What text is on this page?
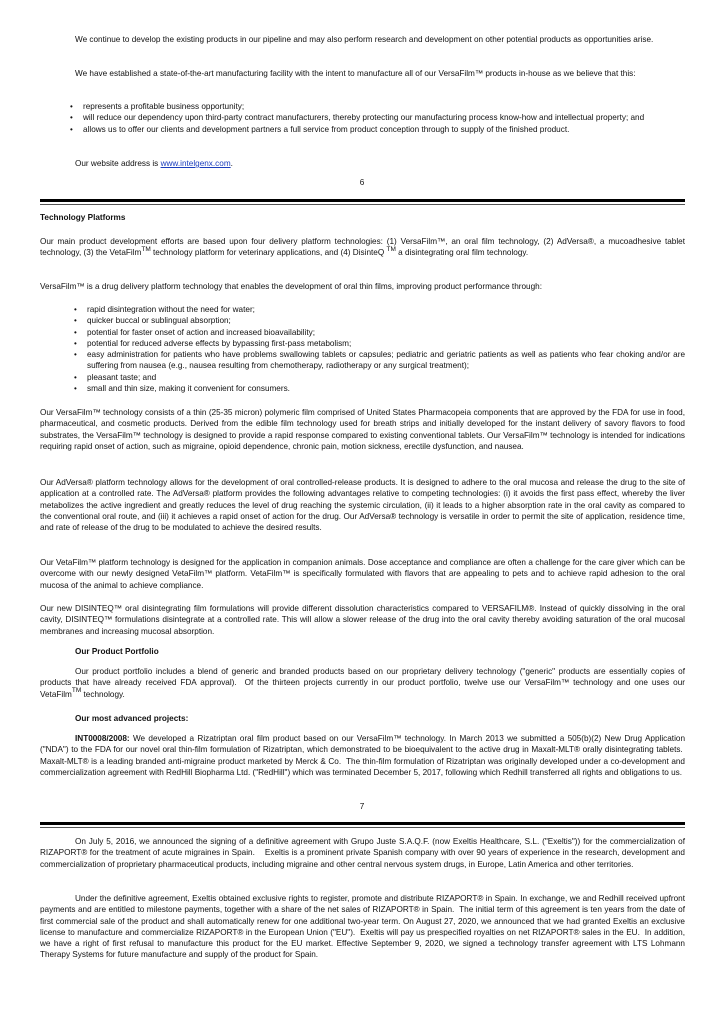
We continue to develop the existing products in our pipeline and may also perform research and development on other potential products as opportunities arise.

We have established a state-of-the-art manufacturing facility with the intent to manufacture all of our VersaFilm™ products in-house as we believe that this:

• represents a profitable business opportunity;
• will reduce our dependency upon third-party contract manufacturers, thereby protecting our manufacturing process know-how and intellectual property; and
• allows us to offer our clients and development partners a full service from product conception through to supply of the finished product.

Our website address is www.intelgenx.com.

6

Technology Platforms

Our main product development efforts are based upon four delivery platform technologies: (1) VersaFilm™, an oral film technology, (2) AdVersa®, a mucoadhesive tablet technology, (3) the VetaFilm™ technology platform for veterinary applications, and (4) DisinteQ ™ a disintegrating oral film technology.

VersaFilm™ is a drug delivery platform technology that enables the development of oral thin films, improving product performance through:

• rapid disintegration without the need for water;
• quicker buccal or sublingual absorption;
• potential for faster onset of action and increased bioavailability;
• potential for reduced adverse effects by bypassing first-pass metabolism;
• easy administration for patients who have problems swallowing tablets or capsules; pediatric and geriatric patients as well as patients who fear choking and/or are suffering from nausea (e.g., nausea resulting from chemotherapy, radiotherapy or any surgical treatment);
• pleasant taste; and
• small and thin size, making it convenient for consumers.

Our VersaFilm™ technology consists of a thin (25-35 micron) polymeric film comprised of United States Pharmacopeia components that are approved by the FDA for use in food, pharmaceutical, and cosmetic products. Derived from the edible film technology used for breath strips and initially developed for the instant delivery of savory flavors to food substrates, the VersaFilm™ technology is designed to provide a rapid response compared to existing conventional tablets. Our VersaFilm™ technology is intended for indications requiring rapid onset of action, such as migraine, opioid dependence, chronic pain, motion sickness, erectile dysfunction, and nausea.

Our AdVersa® platform technology allows for the development of oral controlled-release products. It is designed to adhere to the oral mucosa and release the drug to the site of application at a controlled rate. The AdVersa® platform provides the following advantages relative to competing technologies: (i) it avoids the first pass effect, whereby the liver metabolizes the active ingredient and greatly reduces the level of drug reaching the systemic circulation, (ii) it leads to a higher absorption rate in the oral cavity as compared to the conventional oral route, and (iii) it achieves a rapid onset of action for the drug. Our AdVersa® technology is versatile in order to permit the site of application, residence time, and rate of release of the drug to be modulated to achieve the desired results.

Our VetaFilm™ platform technology is designed for the application in companion animals. Dose acceptance and compliance are often a challenge for the care giver which can be overcome with our newly designed VetaFilm™ platform. VetaFilm™ is specifically formulated with flavors that are appealing to pets and to achieve rapid adhesion to the oral mucosa of the animal to achieve compliance.

Our new DISINTEQ™ oral disintegrating film formulations will provide different dissolution characteristics compared to VERSAFILM®. Instead of quickly dissolving in the oral cavity, DISINTEQ™ formulations disintegrate at a controlled rate. This will allow a slower release of the drug into the oral cavity thereby avoiding saturation of the oral mucosal membranes and increasing mucosal absorption.

Our Product Portfolio

Our product portfolio includes a blend of generic and branded products based on our proprietary delivery technology ("generic" products are essentially copies of products that have already received FDA approval).  Of the thirteen projects currently in our product portfolio, twelve use our VersaFilm™ technology and one uses our VetaFilm™ technology.

Our most advanced projects:

INT0008/2008: We developed a Rizatriptan oral film product based on our VersaFilm™ technology. In March 2013 we submitted a 505(b)(2) New Drug Application ("NDA") to the FDA for our novel oral thin-film formulation of Rizatriptan, which demonstrated to be bioequivalent to the active drug in Maxalt-MLT® orally disintegrating tablets.  Maxalt-MLT® is a leading branded anti-migraine product marketed by Merck & Co.  The thin-film formulation of Rizatriptan was originally developed under a co-development and commercialization agreement with RedHill Biopharma Ltd. ("RedHill") which was terminated December 5, 2017, following which Redhill transferred all rights and obligations to us.

7

On July 5, 2016, we announced the signing of a definitive agreement with Grupo Juste S.A.Q.F. (now Exeltis Healthcare, S.L. ("Exeltis")) for the commercialization of RIZAPORT® for the treatment of acute migraines in Spain.    Exeltis is a prominent private Spanish company with over 90 years of experience in the research, development and commercialization of proprietary pharmaceutical products, including migraine and other central nervous system drugs, in Europe, Latin America and other territories.

Under the definitive agreement, Exeltis obtained exclusive rights to register, promote and distribute RIZAPORT® in Spain. In exchange, we and Redhill received upfront payments and are entitled to milestone payments, together with a share of the net sales of RIZAPORT® in Spain.  The initial term of this agreement is ten years from the date of first commercial sale of the product and shall automatically renew for one additional two-year term. On August 27, 2020, we announced that we had granted Exeltis an exclusive license to manufacture and commercialize RIZAPORT® in the European Union ("EU").  Exeltis will pay us prespecified royalties on net RIZAPORT® sales in the EU.  In addition, we have a right of first refusal to manufacture this product for the EU market. Effective September 9, 2020, we signed a technology transfer agreement with LTS Lohmann Therapy Systems for future manufacture and supply of the product for Spain.
